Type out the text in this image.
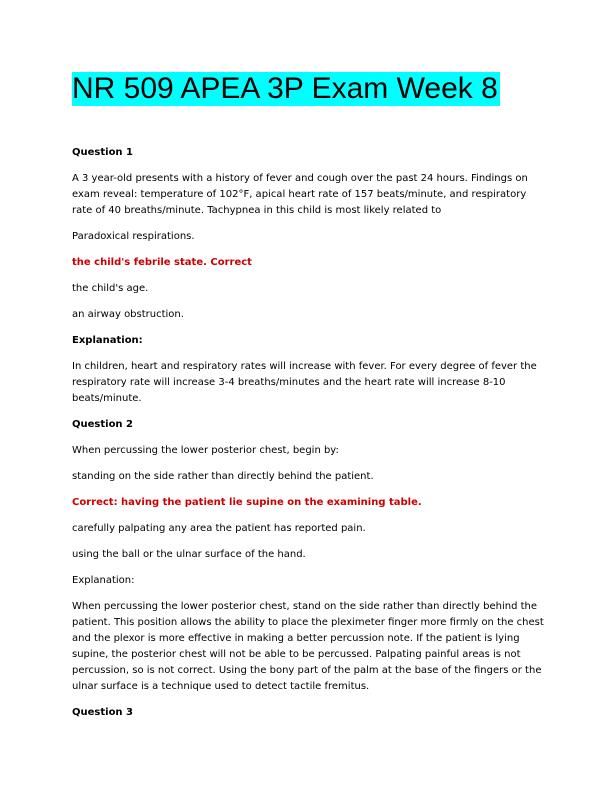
NR 509 APEA 3P Exam Week 8

Question 1

A 3 year-old presents with a history of fever and cough over the past 24 hours. Findings on exam reveal: temperature of 102°F, apical heart rate of 157 beats/minute, and respiratory rate of 40 breaths/minute. Tachypnea in this child is most likely related to

Paradoxical respirations.

the child's febrile state. Correct

the child's age.

an airway obstruction.

Explanation:

In children, heart and respiratory rates will increase with fever. For every degree of fever the respiratory rate will increase 3-4 breaths/minutes and the heart rate will increase 8-10 beats/minute.

Question 2

When percussing the lower posterior chest, begin by:

standing on the side rather than directly behind the patient.

Correct: having the patient lie supine on the examining table.

carefully palpating any area the patient has reported pain.

using the ball or the ulnar surface of the hand.

Explanation:

When percussing the lower posterior chest, stand on the side rather than directly behind the patient. This position allows the ability to place the pleximeter finger more firmly on the chest and the plexor is more effective in making a better percussion note. If the patient is lying supine, the posterior chest will not be able to be percussed. Palpating painful areas is not percussion, so is not correct. Using the bony part of the palm at the base of the fingers or the ulnar surface is a technique used to detect tactile fremitus.

Question 3
